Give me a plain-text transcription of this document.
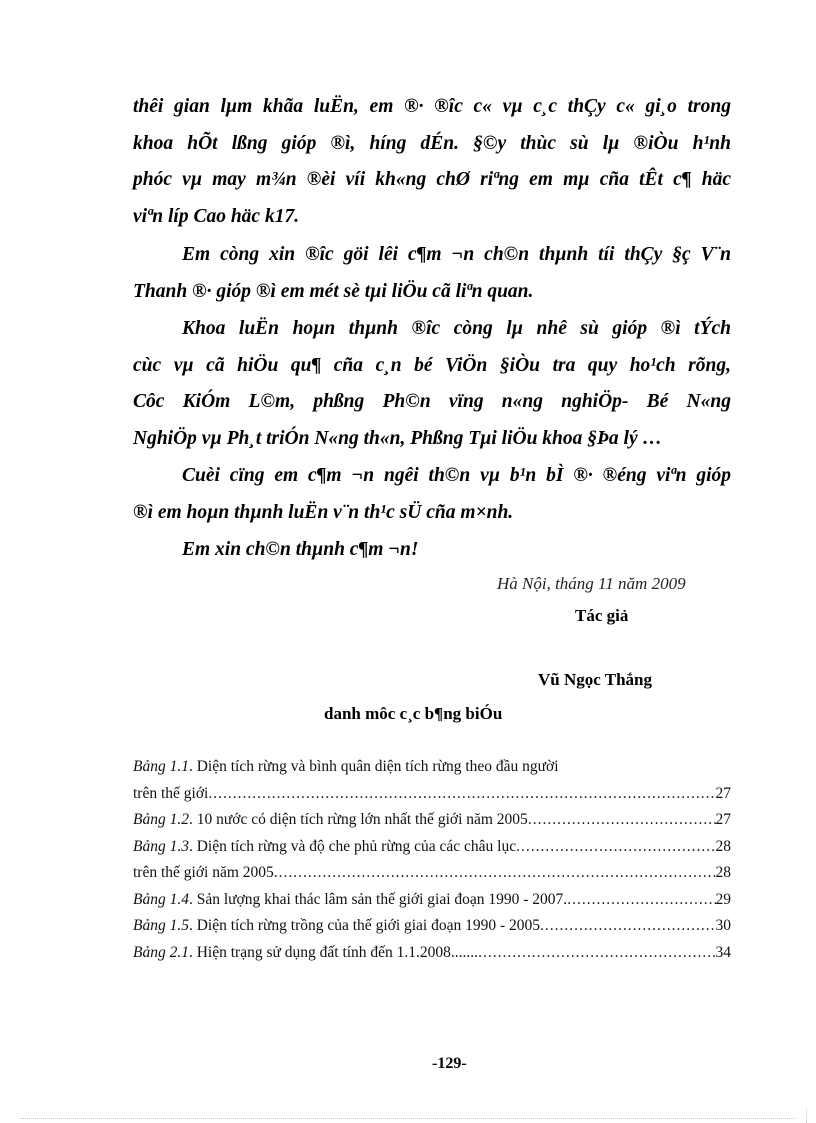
thêi gian lµm khãa luËn, em ®· ®îc c« vµ c¸c thÇy c« gi¸o trong
khoa hÕt lßng gióp ®ì, híng dÉn. §©y thùc sù lµ ®iÒu h¹nh
phóc vµ may m¾n ®èi víi kh«ng chØ riªng em mµ cña tÊt c¶ häc
viªn líp Cao häc k17.

Em còng xin ®îc göi lêi c¶m ¬n ch©n thµnh tíi thÇy §ç V¨n
Thanh ®· gióp ®ì em mét sè tµi liÖu cã liªn quan.

Khoa luËn hoµn thµnh ®îc còng lµ nhê sù gióp ®ì tÝch
cùc vµ cã hiÖu qu¶ cña c¸n bé ViÖn §iÒu tra quy ho¹ch rõng,
Côc KiÓm L©m, phßng Ph©n vïng n«ng nghiÖp- Bé N«ng
NghiÖp vµ Ph¸t triÓn N«ng th«n, Phßng Tµi liÖu khoa §Þa lý …

Cuèi cïng em c¶m ¬n ngêi th©n vµ b¹n bÌ ®· ®éng viªn gióp
®ì em hoµn thµnh luËn v¨n th¹c sÜ cña m×nh.

Em xin ch©n thµnh c¶m ¬n!

Hà Nội, tháng 11 năm 2009
Tác giả
Vũ Ngọc Thắng
danh môc c¸c b¶ng biÓu
Bảng 1.1. Diện tích rừng và bình quân diện tích rừng theo đầu người
trên thế giới .....	27
Bảng 1.2. 10 nước có diện tích rừng lớn nhất thế giới năm 2005 .....	27
Bảng 1.3. Diện tích rừng và độ che phủ rừng của các châu lục .....	28
trên thế giới năm 2005 .....	28
Bảng 1.4. Sản lượng khai thác lâm sản thế giới giai đoạn 1990 - 2007. .....	29
Bảng 1.5. Diện tích rừng trồng của thế giới giai đoạn 1990 - 2005 .....	30
Bảng 2.1. Hiện trạng sử dụng đất tính đến 1.1.2008....... .....	34
-129-
